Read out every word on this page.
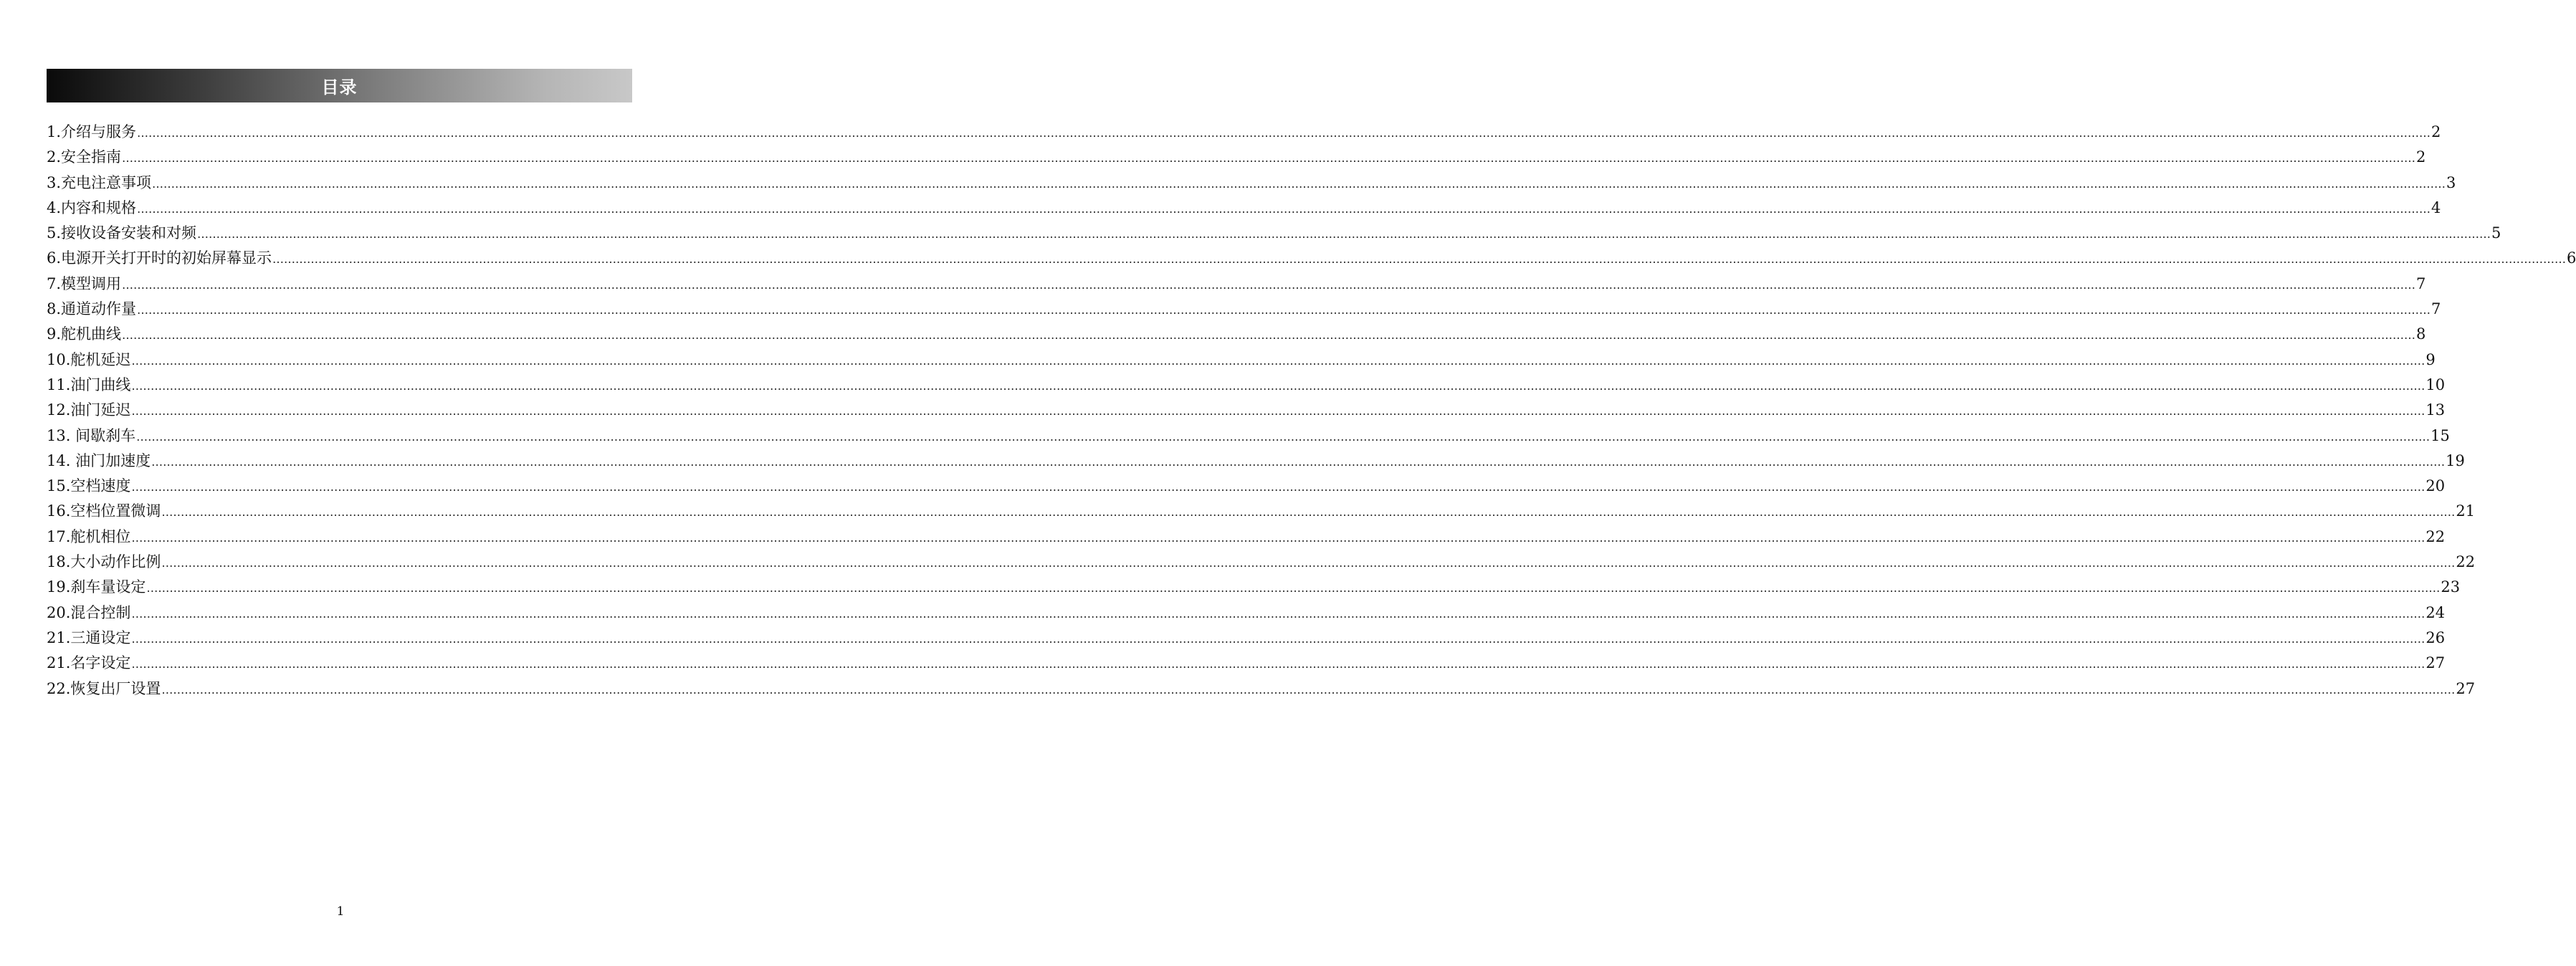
目录
1.介绍与服务 …………………………………………………………………………………………………………………………………………………………………………………………………………………………………………………………………………………………………………………………………………………………………………………………………………………………………………………………………………………………………………………………………………………… 2
2.安全指南 …………………………………………………………………………………………………………………………………………………………………………………………………………………………………………………………………………………………………………………………………………………………………………………………………………………………………………………………………………………………………………………………………………………… 2
3.充电注意事项 …………………………………………………………………………………………………………………………………………………………………………………………………………………………………………………………………………………………………………………………………………………………………………………………………………………………………………………………………………………………………………………………………………………… 3
4.内容和规格 …………………………………………………………………………………………………………………………………………………………………………………………………………………………………………………………………………………………………………………………………………………………………………………………………………………………………………………………………………………………………………………………………………………… 4
5.接收设备安装和对频 …………………………………………………………………………………………………………………………………………………………………………………………………………………………………………………………………………………………………………………………………………………………………………………………………………………………………………………………………………………………………………………………………………………… 5
6.电源开关打开时的初始屏幕显示 …………………………………………………………………………………………………………………………………………………………………………………………………………………………………………………………………………………………………………………………………………………………………………………………………………………………………………………………………………………………………………………………………………………… 6
7.模型调用 …………………………………………………………………………………………………………………………………………………………………………………………………………………………………………………………………………………………………………………………………………………………………………………………………………………………………………………………………………………………………………………………………………………… 7
8.通道动作量 …………………………………………………………………………………………………………………………………………………………………………………………………………………………………………………………………………………………………………………………………………………………………………………………………………………………………………………………………………………………………………………………………………………… 7
9.舵机曲线 …………………………………………………………………………………………………………………………………………………………………………………………………………………………………………………………………………………………………………………………………………………………………………………………………………………………………………………………………………………………………………………………………………………… 8
10.舵机延迟 …………………………………………………………………………………………………………………………………………………………………………………………………………………………………………………………………………………………………………………………………………………………………………………………………………………………………………………………………………………………………………………………………………………… 9
11.油门曲线 …………………………………………………………………………………………………………………………………………………………………………………………………………………………………………………………………………………………………………………………………………………………………………………………………………………………………………………………………………………………………………………………………………………… 10
12.油门延迟 …………………………………………………………………………………………………………………………………………………………………………………………………………………………………………………………………………………………………………………………………………………………………………………………………………………………………………………………………………………………………………………………………………………… 13
13. 间歇刹车 …………………………………………………………………………………………………………………………………………………………………………………………………………………………………………………………………………………………………………………………………………………………………………………………………………………………………………………………………………………………………………………………………………………… 15
14. 油门加速度 …………………………………………………………………………………………………………………………………………………………………………………………………………………………………………………………………………………………………………………………………………………………………………………………………………………………………………………………………………………………………………………………………………………… 19
15.空档速度 …………………………………………………………………………………………………………………………………………………………………………………………………………………………………………………………………………………………………………………………………………………………………………………………………………………………………………………………………………………………………………………………………………………… 20
16.空档位置微调 …………………………………………………………………………………………………………………………………………………………………………………………………………………………………………………………………………………………………………………………………………………………………………………………………………………………………………………………………………………………………………………………………………………… 21
17.舵机相位 …………………………………………………………………………………………………………………………………………………………………………………………………………………………………………………………………………………………………………………………………………………………………………………………………………………………………………………………………………………………………………………………………………………… 22
18.大小动作比例 …………………………………………………………………………………………………………………………………………………………………………………………………………………………………………………………………………………………………………………………………………………………………………………………………………………………………………………………………………………………………………………………………………………… 22
19.刹车量设定 …………………………………………………………………………………………………………………………………………………………………………………………………………………………………………………………………………………………………………………………………………………………………………………………………………………………………………………………………………………………………………………………………………………… 23
20.混合控制 …………………………………………………………………………………………………………………………………………………………………………………………………………………………………………………………………………………………………………………………………………………………………………………………………………………………………………………………………………………………………………………………………………………… 24
21.三通设定 …………………………………………………………………………………………………………………………………………………………………………………………………………………………………………………………………………………………………………………………………………………………………………………………………………………………………………………………………………………………………………………………………………………… 26
21.名字设定 …………………………………………………………………………………………………………………………………………………………………………………………………………………………………………………………………………………………………………………………………………………………………………………………………………………………………………………………………………………………………………………………………………………… 27
22.恢复出厂设置 …………………………………………………………………………………………………………………………………………………………………………………………………………………………………………………………………………………………………………………………………………………………………………………………………………………………………………………………………………………………………………………………………………………… 27
1
